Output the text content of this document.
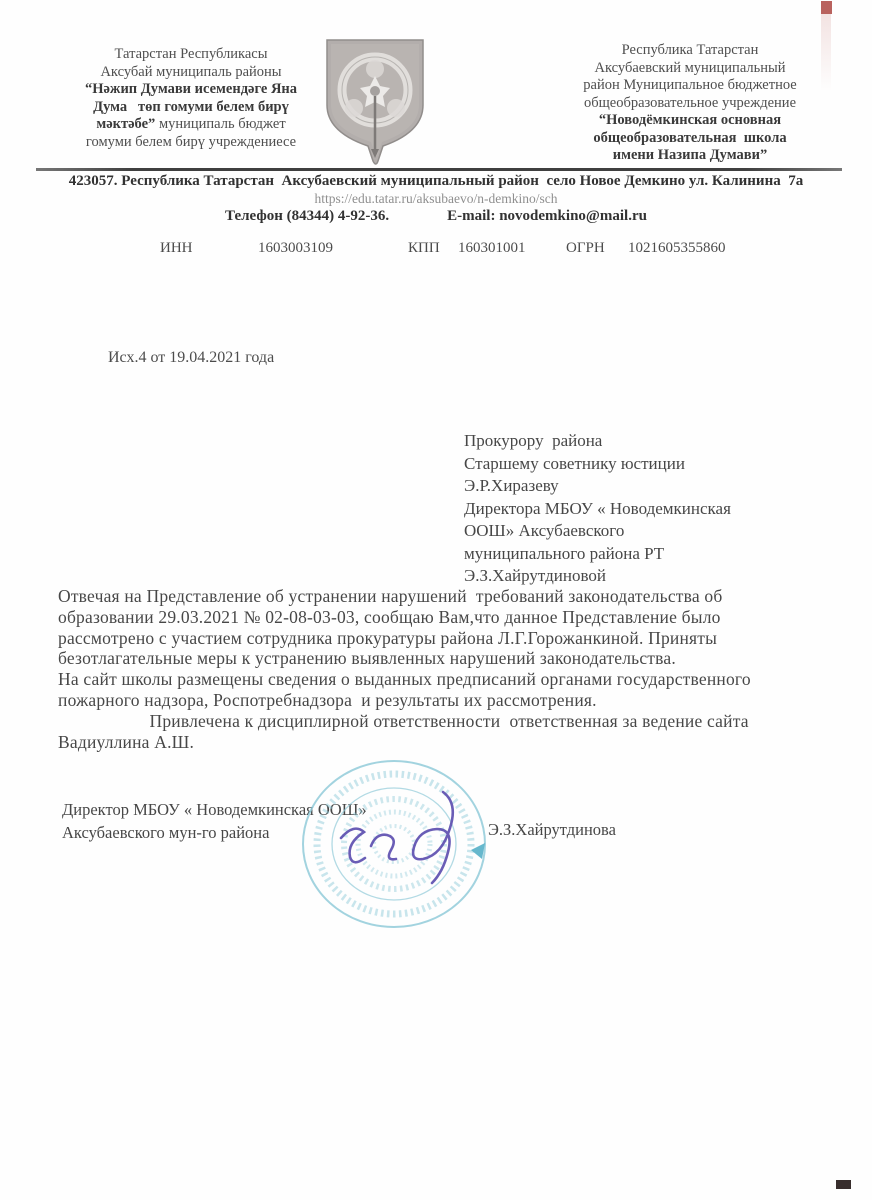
Татарстан Республикасы
Аксубай муниципаль районы
“Нәжип Думави исемендәге Яна
Дума   төп гомуми белем бирү
мәктәбе” муниципаль бюджет
гомуми белем бирү учреждениесе
Республика Татарстан
Аксубаевский муниципальный
район Муниципальное бюджетное
общеобразовательное учреждение
“Новодёмкинская основная
общеобразовательная  школа
имени Назипа Думави”
423057. Республика Татарстан  Аксубаевский муниципальный район  село Новое Демкино ул. Калинина  7а
https://edu.tatar.ru/aksubaevo/n-demkino/sch
Телефон (84344) 4-92-36.	E-mail: novodemkino@mail.ru
ИНН	1603003109	КПП 160301001	ОГРН 1021605355860
Исх.4 от 19.04.2021 года
Прокурору  района
Старшему советнику юстиции
Э.Р.Хиразеву
Директора МБОУ « Новодемкинская
ООШ» Аксубаевского
муниципального района РТ
Э.З.Хайрутдиновой
Отвечая на Представление об устранении нарушений  требований законодательства об
образовании 29.03.2021 № 02-08-03-03, сообщаю Вам,что данное Представление было
рассмотрено с участием сотрудника прокуратуры района Л.Г.Горожанкиной. Приняты
безотлагательные меры к устранению выявленных нарушений законодательства.
На сайт школы размещены сведения о выданных предписаний органами государственного
пожарного надзора, Роспотребнадзора  и результаты их рассмотрения.
Привлечена к дисциплирной ответственности  ответственная за ведение сайта
Вадиуллина А.Ш.
Директор МБОУ « Новодемкинская ООШ»
Аксубаевского мун-го района	Э.З.Хайрутдинова
